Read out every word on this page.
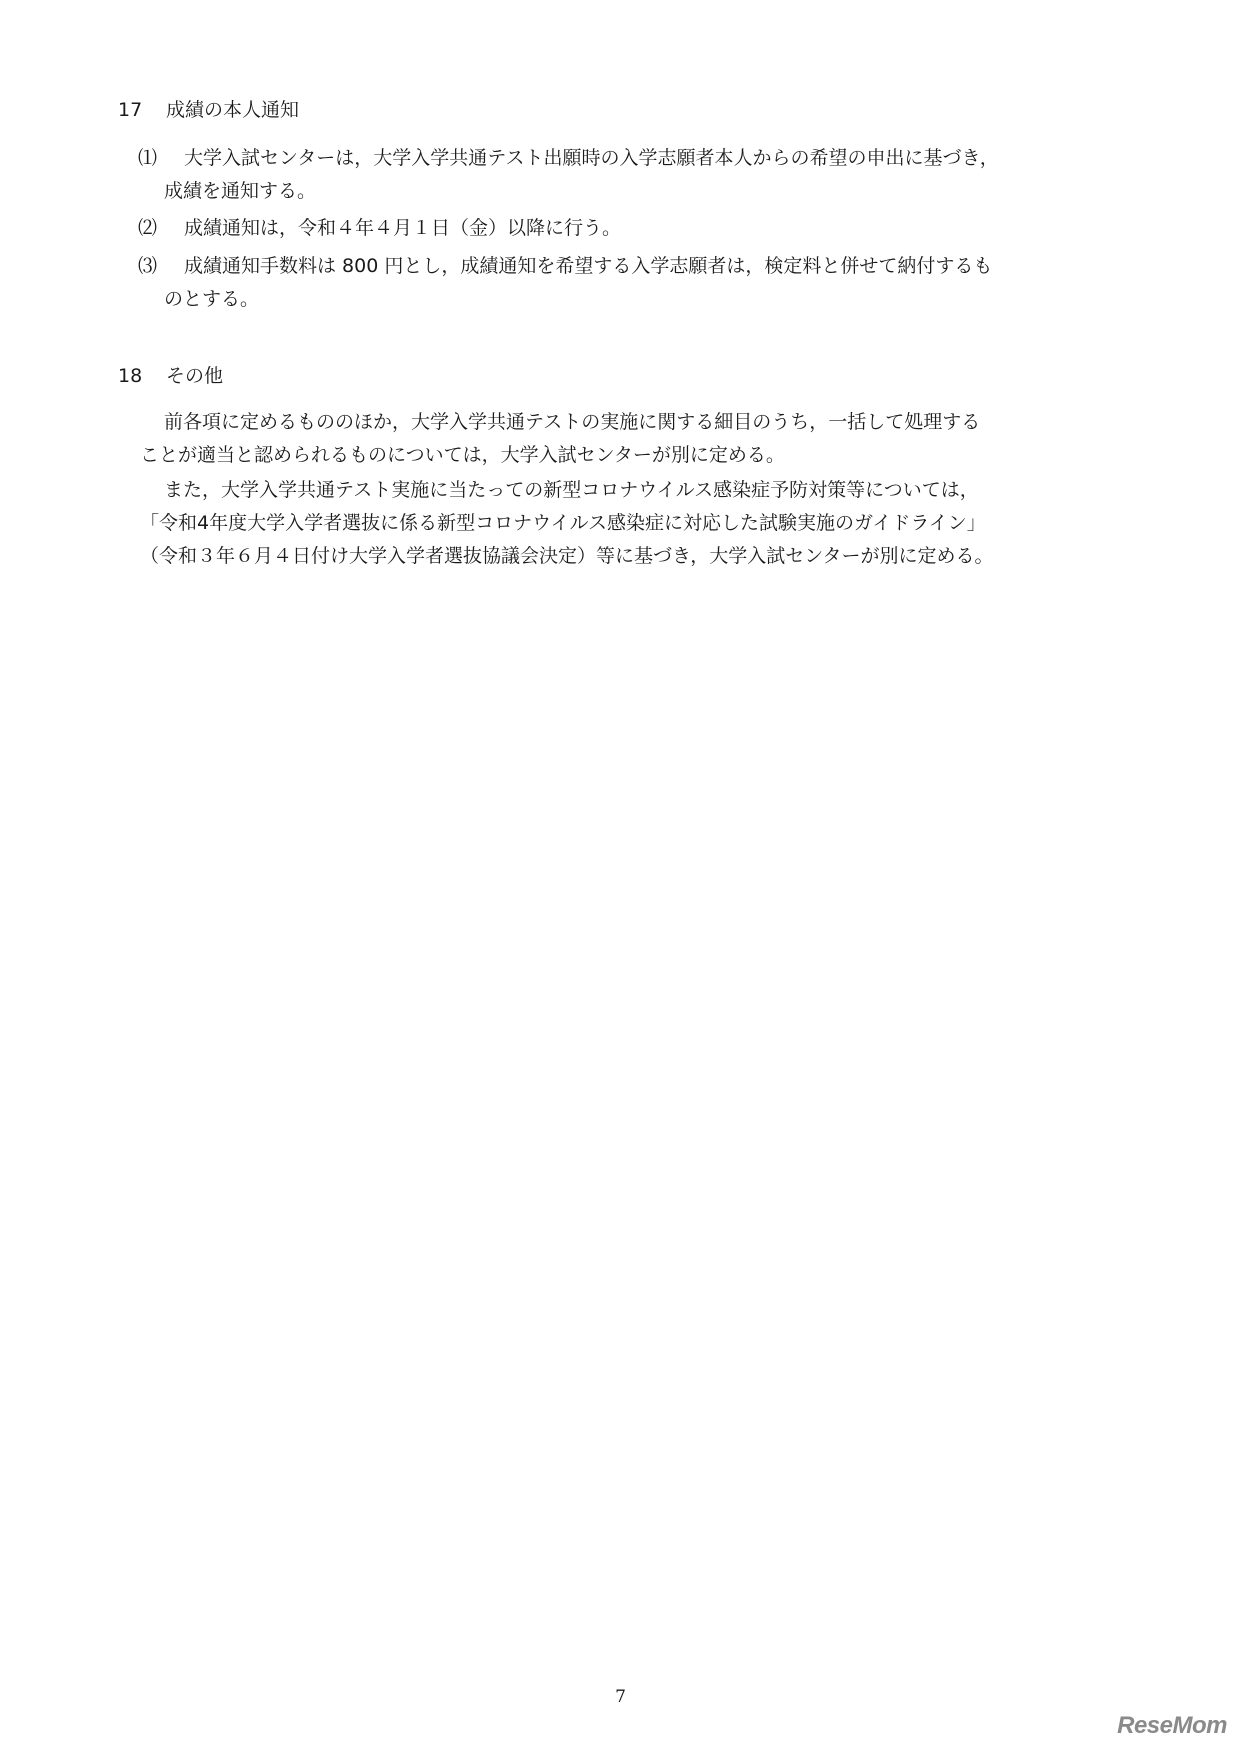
17 成績の本人通知
⑴	大学入試センターは，大学入学共通テスト出願時の入学志願者本人からの希望の申出に基づき，
成績を通知する。
⑵	成績通知は，令和４年４月１日（金）以降に行う。
⑶	成績通知手数料は 800 円とし，成績通知を希望する入学志願者は，検定料と併せて納付するも
のとする。
18 その他
前各項に定めるもののほか，大学入学共通テストの実施に関する細目のうち，一括して処理する
ことが適当と認められるものについては，大学入試センターが別に定める。
また，大学入学共通テスト実施に当たっての新型コロナウイルス感染症予防対策等については，
「令和4年度大学入学者選抜に係る新型コロナウイルス感染症に対応した試験実施のガイドライン」
（令和３年６月４日付け大学入学者選抜協議会決定）等に基づき，大学入試センターが別に定める。
7
ReseMom
